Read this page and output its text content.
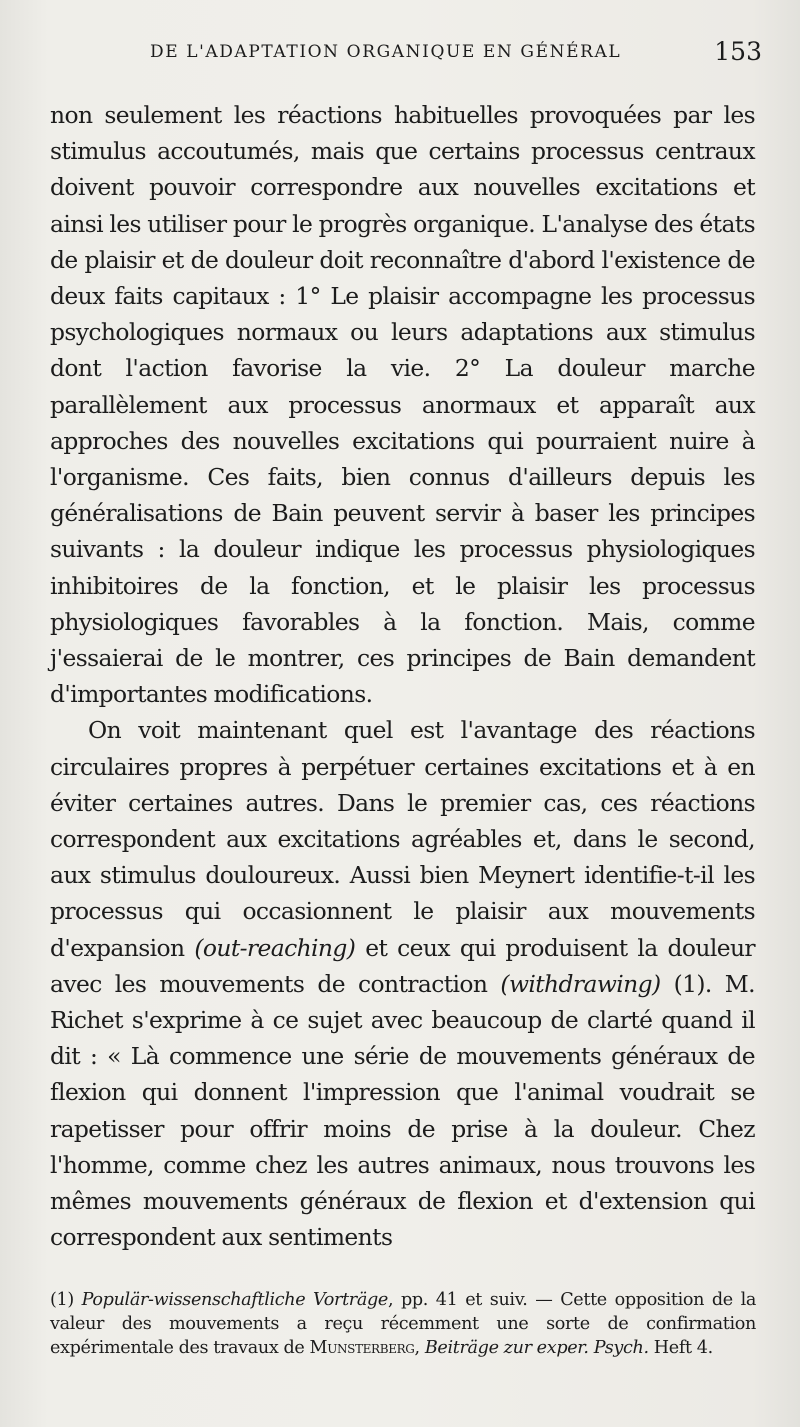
DE L'ADAPTATION ORGANIQUE EN GÉNÉRAL	153

non seulement les réactions habituelles provoquées par les stimulus accoutumés, mais que certains processus centraux doivent pouvoir correspondre aux nouvelles excitations et ainsi les utiliser pour le progrès organique. L'analyse des états de plaisir et de douleur doit reconnaître d'abord l'existence de deux faits capitaux : 1° Le plaisir accompagne les processus psychologiques normaux ou leurs adaptations aux stimulus dont l'action favorise la vie. 2° La douleur marche parallèlement aux processus anormaux et apparaît aux approches des nouvelles excitations qui pourraient nuire à l'organisme. Ces faits, bien connus d'ailleurs depuis les généralisations de Bain peuvent servir à baser les principes suivants : la douleur indique les processus physiologiques inhibitoires de la fonction, et le plaisir les processus physiologiques favorables à la fonction. Mais, comme j'essaierai de le montrer, ces principes de Bain demandent d'importantes modifications.

On voit maintenant quel est l'avantage des réactions circulaires propres à perpétuer certaines excitations et à en éviter certaines autres. Dans le premier cas, ces réactions correspondent aux excitations agréables et, dans le second, aux stimulus douloureux. Aussi bien Meynert identifie-t-il les processus qui occasionnent le plaisir aux mouvements d'expansion (out-reaching) et ceux qui produisent la douleur avec les mouvements de contraction (withdrawing) (1). M. Richet s'exprime à ce sujet avec beaucoup de clarté quand il dit : « Là commence une série de mouvements généraux de flexion qui donnent l'impression que l'animal voudrait se rapetisser pour offrir moins de prise à la douleur. Chez l'homme, comme chez les autres animaux, nous trouvons les mêmes mouvements généraux de flexion et d'extension qui correspondent aux sentiments

(1) Populär-wissenschaftliche Vorträge, pp. 41 et suiv. — Cette opposition de la valeur des mouvements a reçu récemment une sorte de confirmation expérimentale des travaux de Munsterberg, Beiträge zur exper. Psych. Heft 4.
